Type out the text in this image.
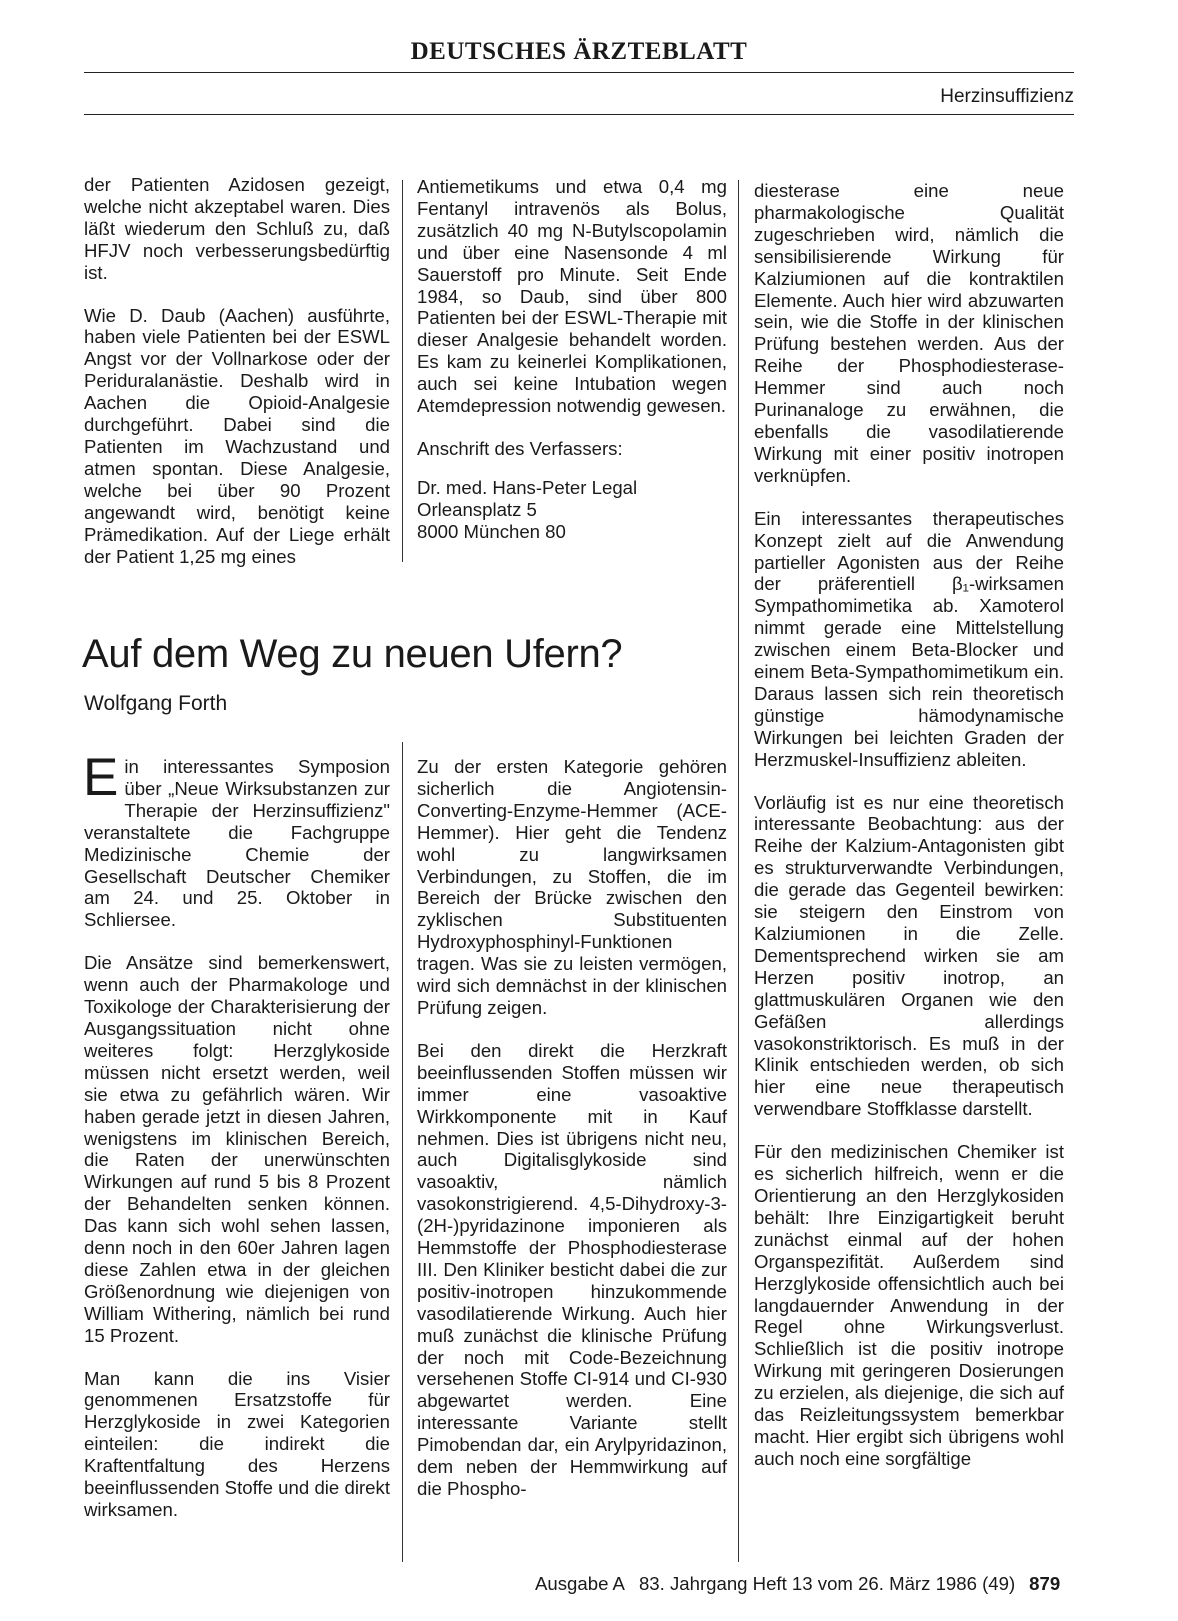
DEUTSCHES ÄRZTEBLATT
Herzinsuffizienz

der Patienten Azidosen gezeigt, welche nicht akzeptabel waren. Dies läßt wiederum den Schluß zu, daß HFJV noch verbesserungsbedürftig ist.

Wie D. Daub (Aachen) ausführte, haben viele Patienten bei der ESWL Angst vor der Vollnarkose oder der Periduralanästie. Deshalb wird in Aachen die Opioid-Analgesie durchgeführt. Dabei sind die Patienten im Wachzustand und atmen spontan. Diese Analgesie, welche bei über 90 Prozent angewandt wird, benötigt keine Prämedikation. Auf der Liege erhält der Patient 1,25 mg eines

Antiemetikums und etwa 0,4 mg Fentanyl intravenös als Bolus, zusätzlich 40 mg N-Butylscopolamin und über eine Nasensonde 4 ml Sauerstoff pro Minute. Seit Ende 1984, so Daub, sind über 800 Patienten bei der ESWL-Therapie mit dieser Analgesie behandelt worden. Es kam zu keinerlei Komplikationen, auch sei keine Intubation wegen Atemdepression notwendig gewesen.

Anschrift des Verfassers:

Dr. med. Hans-Peter Legal
Orleansplatz 5
8000 München 80

Auf dem Weg zu neuen Ufern?
Wolfgang Forth

Ein interessantes Symposion über „Neue Wirksubstanzen zur Therapie der Herzinsuffizienz" veranstaltete die Fachgruppe Medizinische Chemie der Gesellschaft Deutscher Chemiker am 24. und 25. Oktober in Schliersee.

Die Ansätze sind bemerkenswert, wenn auch der Pharmakologe und Toxikologe der Charakterisierung der Ausgangssituation nicht ohne weiteres folgt: Herzglykoside müssen nicht ersetzt werden, weil sie etwa zu gefährlich wären. Wir haben gerade jetzt in diesen Jahren, wenigstens im klinischen Bereich, die Raten der unerwünschten Wirkungen auf rund 5 bis 8 Prozent der Behandelten senken können. Das kann sich wohl sehen lassen, denn noch in den 60er Jahren lagen diese Zahlen etwa in der gleichen Größenordnung wie diejenigen von William Withering, nämlich bei rund 15 Prozent.

Man kann die ins Visier genommenen Ersatzstoffe für Herzglykoside in zwei Kategorien einteilen: die indirekt die Kraftentfaltung des Herzens beeinflussenden Stoffe und die direkt wirksamen.

Zu der ersten Kategorie gehören sicherlich die Angiotensin-Converting-Enzyme-Hemmer (ACE-Hemmer). Hier geht die Tendenz wohl zu langwirksamen Verbindungen, zu Stoffen, die im Bereich der Brücke zwischen den zyklischen Substituenten Hydroxyphosphinyl-Funktionen tragen. Was sie zu leisten vermögen, wird sich demnächst in der klinischen Prüfung zeigen.

Bei den direkt die Herzkraft beeinflussenden Stoffen müssen wir immer eine vasoaktive Wirkkomponente mit in Kauf nehmen. Dies ist übrigens nicht neu, auch Digitalisglykoside sind vasoaktiv, nämlich vasokonstrigierend. 4,5-Dihydroxy-3-(2H-)pyridazinone imponieren als Hemmstoffe der Phosphodiesterase III. Den Kliniker besticht dabei die zur positiv-inotropen hinzukommende vasodilatierende Wirkung. Auch hier muß zunächst die klinische Prüfung der noch mit Code-Bezeichnung versehenen Stoffe CI-914 und CI-930 abgewartet werden. Eine interessante Variante stellt Pimobendan dar, ein Arylpyridazinon, dem neben der Hemmwirkung auf die Phospho-

diesterase eine neue pharmakologische Qualität zugeschrieben wird, nämlich die sensibilisierende Wirkung für Kalziumionen auf die kontraktilen Elemente. Auch hier wird abzuwarten sein, wie die Stoffe in der klinischen Prüfung bestehen werden. Aus der Reihe der Phosphodiesterase-Hemmer sind auch noch Purinanaloge zu erwähnen, die ebenfalls die vasodilatierende Wirkung mit einer positiv inotropen verknüpfen.

Ein interessantes therapeutisches Konzept zielt auf die Anwendung partieller Agonisten aus der Reihe der präferentiell β₁-wirksamen Sympathomimetika ab. Xamoterol nimmt gerade eine Mittelstellung zwischen einem Beta-Blocker und einem Beta-Sympathomimetikum ein. Daraus lassen sich rein theoretisch günstige hämodynamische Wirkungen bei leichten Graden der Herzmuskel-Insuffizienz ableiten.

Vorläufig ist es nur eine theoretisch interessante Beobachtung: aus der Reihe der Kalzium-Antagonisten gibt es strukturverwandte Verbindungen, die gerade das Gegenteil bewirken: sie steigern den Einstrom von Kalziumionen in die Zelle. Dementsprechend wirken sie am Herzen positiv inotrop, an glattmuskulären Organen wie den Gefäßen allerdings vasokonstriktorisch. Es muß in der Klinik entschieden werden, ob sich hier eine neue therapeutisch verwendbare Stoffklasse darstellt.

Für den medizinischen Chemiker ist es sicherlich hilfreich, wenn er die Orientierung an den Herzglykosiden behält: Ihre Einzigartigkeit beruht zunächst einmal auf der hohen Organspezifität. Außerdem sind Herzglykoside offensichtlich auch bei langdauernder Anwendung in der Regel ohne Wirkungsverlust. Schließlich ist die positiv inotrope Wirkung mit geringeren Dosierungen zu erzielen, als diejenige, die sich auf das Reizleitungssystem bemerkbar macht. Hier ergibt sich übrigens wohl auch noch eine sorgfältige

Ausgabe A 83. Jahrgang Heft 13 vom 26. März 1986 (49) 879
